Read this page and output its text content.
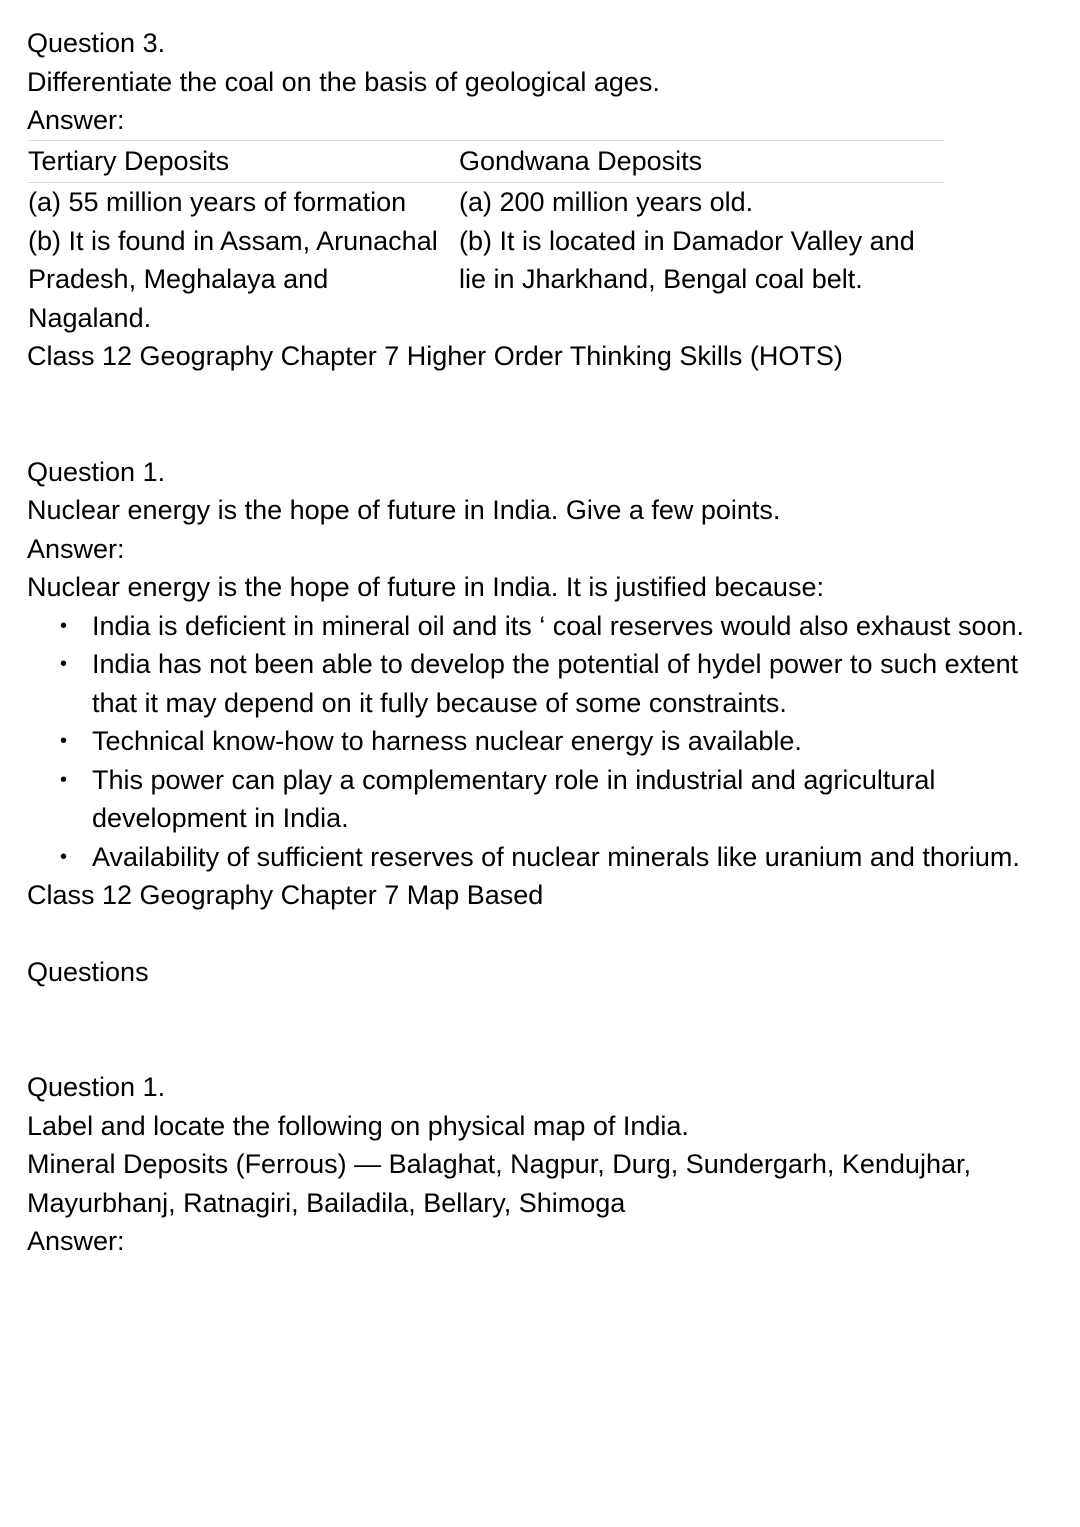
Question 3.
Differentiate the coal on the basis of geological ages.
Answer:
Tertiary Deposits	Gondwana Deposits
(a) 55 million years of formation	(a) 200 million years old.
(b) It is found in Assam, Arunachal Pradesh, Meghalaya and Nagaland.	(b) It is located in Damador Valley and lie in Jharkhand, Bengal coal belt.
Class 12 Geography Chapter 7 Higher Order Thinking Skills (HOTS)
Question 1.
Nuclear energy is the hope of future in India. Give a few points.
Answer:
Nuclear energy is the hope of future in India. It is justified because:
• India is deficient in mineral oil and its ‘ coal reserves would also exhaust soon.
• India has not been able to develop the potential of hydel power to such extent that it may depend on it fully because of some constraints.
• Technical know-how to harness nuclear energy is available.
• This power can play a complementary role in industrial and agricultural development in India.
• Availability of sufficient reserves of nuclear minerals like uranium and thorium.
Class 12 Geography Chapter 7 Map Based
Questions
Question 1.
Label and locate the following on physical map of India.
Mineral Deposits (Ferrous) — Balaghat, Nagpur, Durg, Sundergarh, Kendujhar, Mayurbhanj, Ratnagiri, Bailadila, Bellary, Shimoga
Answer:
